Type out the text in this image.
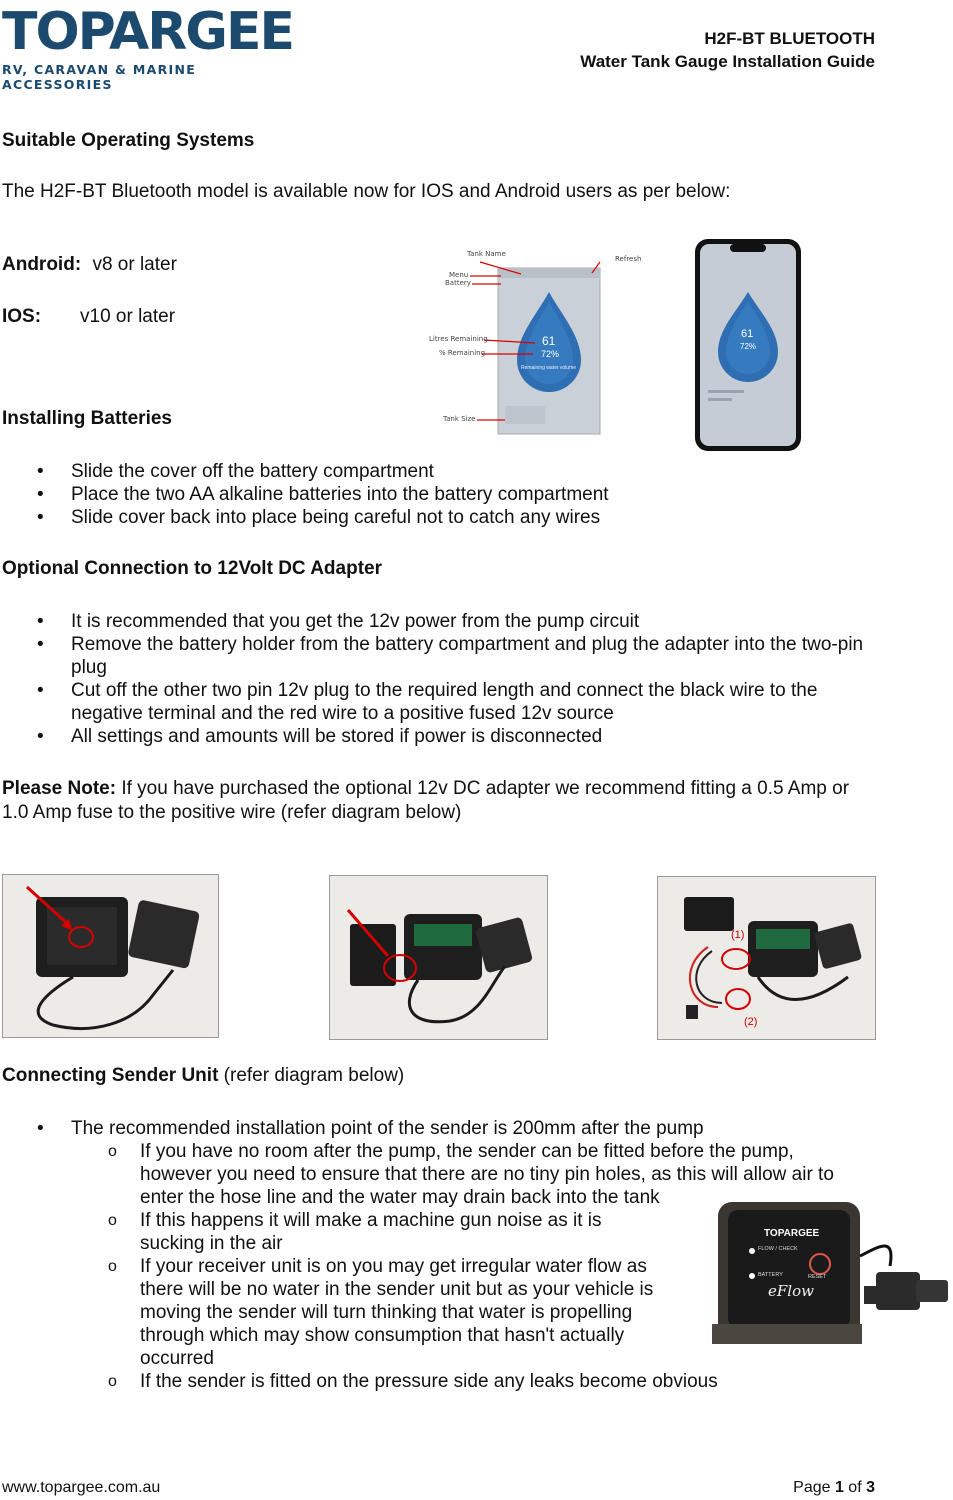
TOPARGEE
RV, CARAVAN & MARINE ACCESSORIES
H2F-BT BLUETOOTH
Water Tank Gauge Installation Guide
Suitable Operating Systems
The H2F-BT Bluetooth model is available now for IOS and Android users as per below:
Android: v8 or later
IOS: v10 or later
Tank Name
Refresh
Menu
Battery
Litres Remaining
% Remaining
Tank Size
61
72%
Remaining water volume
61
72%
Installing Batteries
• Slide the cover off the battery compartment
• Place the two AA alkaline batteries into the battery compartment
• Slide cover back into place being careful not to catch any wires
Optional Connection to 12Volt DC Adapter
• It is recommended that you get the 12v power from the pump circuit
• Remove the battery holder from the battery compartment and plug the adapter into the two-pin plug
• Cut off the other two pin 12v plug to the required length and connect the black wire to the negative terminal and the red wire to a positive fused 12v source
• All settings and amounts will be stored if power is disconnected
Please Note: If you have purchased the optional 12v DC adapter we recommend fitting a 0.5 Amp or 1.0 Amp fuse to the positive wire (refer diagram below)
(1)
(2)
Connecting Sender Unit (refer diagram below)
• The recommended installation point of the sender is 200mm after the pump
o If you have no room after the pump, the sender can be fitted before the pump, however you need to ensure that there are no tiny pin holes, as this will allow air to enter the hose line and the water may drain back into the tank
o If this happens it will make a machine gun noise as it is sucking in the air
o If your receiver unit is on you may get irregular water flow as there will be no water in the sender unit but as your vehicle is moving the sender will turn thinking that water is propelling through which may show consumption that hasn't actually occurred
o If the sender is fitted on the pressure side any leaks become obvious
TOPARGEE
FLOW / CHECK
BATTERY	RESET
eFlow
www.topargee.com.au	Page 1 of 3
